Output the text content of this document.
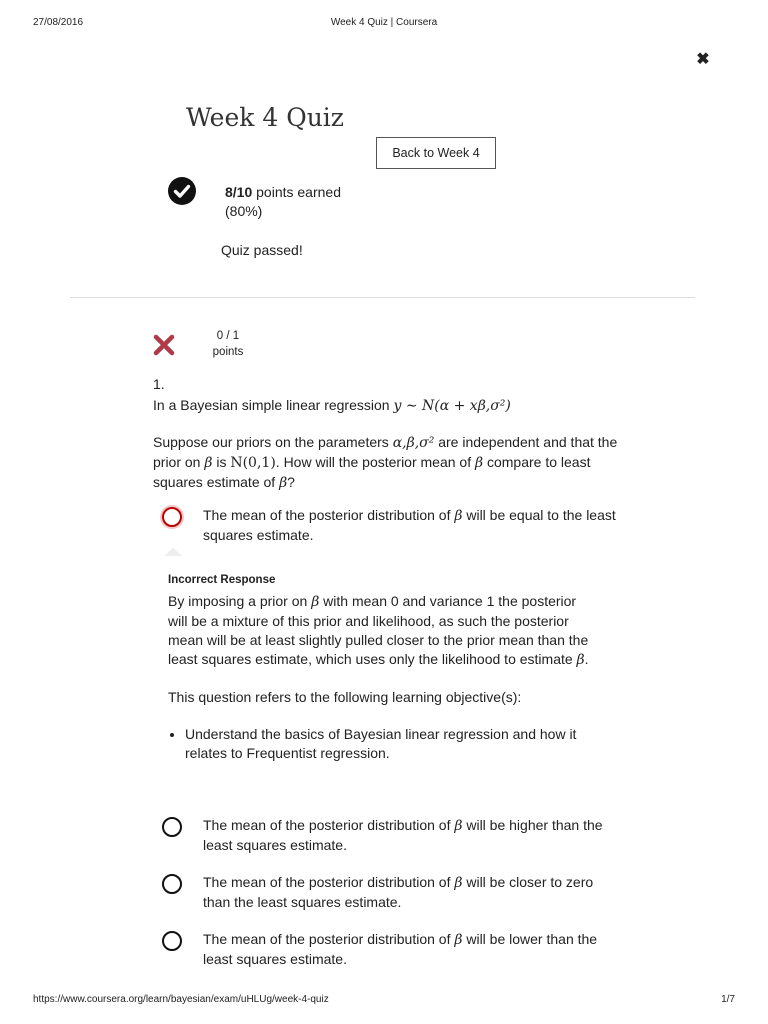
27/08/2016	Week 4 Quiz | Coursera
✖
Week 4 Quiz
Back to Week 4
8/10 points earned
(80%)
Quiz passed!
0 / 1
points
1.
In a Bayesian simple linear regression y ∼ N(α + xβ,σ²)
Suppose our priors on the parameters α,β,σ² are independent and that the prior on β is N(0,1). How will the posterior mean of β compare to least squares estimate of β?
The mean of the posterior distribution of β will be equal to the least squares estimate.
Incorrect Response

By imposing a prior on β with mean 0 and variance 1 the posterior will be a mixture of this prior and likelihood, as such the posterior mean will be at least slightly pulled closer to the prior mean than the least squares estimate, which uses only the likelihood to estimate β.

This question refers to the following learning objective(s):

• Understand the basics of Bayesian linear regression and how it relates to Frequentist regression.
The mean of the posterior distribution of β will be higher than the least squares estimate.
The mean of the posterior distribution of β will be closer to zero than the least squares estimate.
The mean of the posterior distribution of β will be lower than the least squares estimate.
https://www.coursera.org/learn/bayesian/exam/uHLUg/week-4-quiz	1/7
